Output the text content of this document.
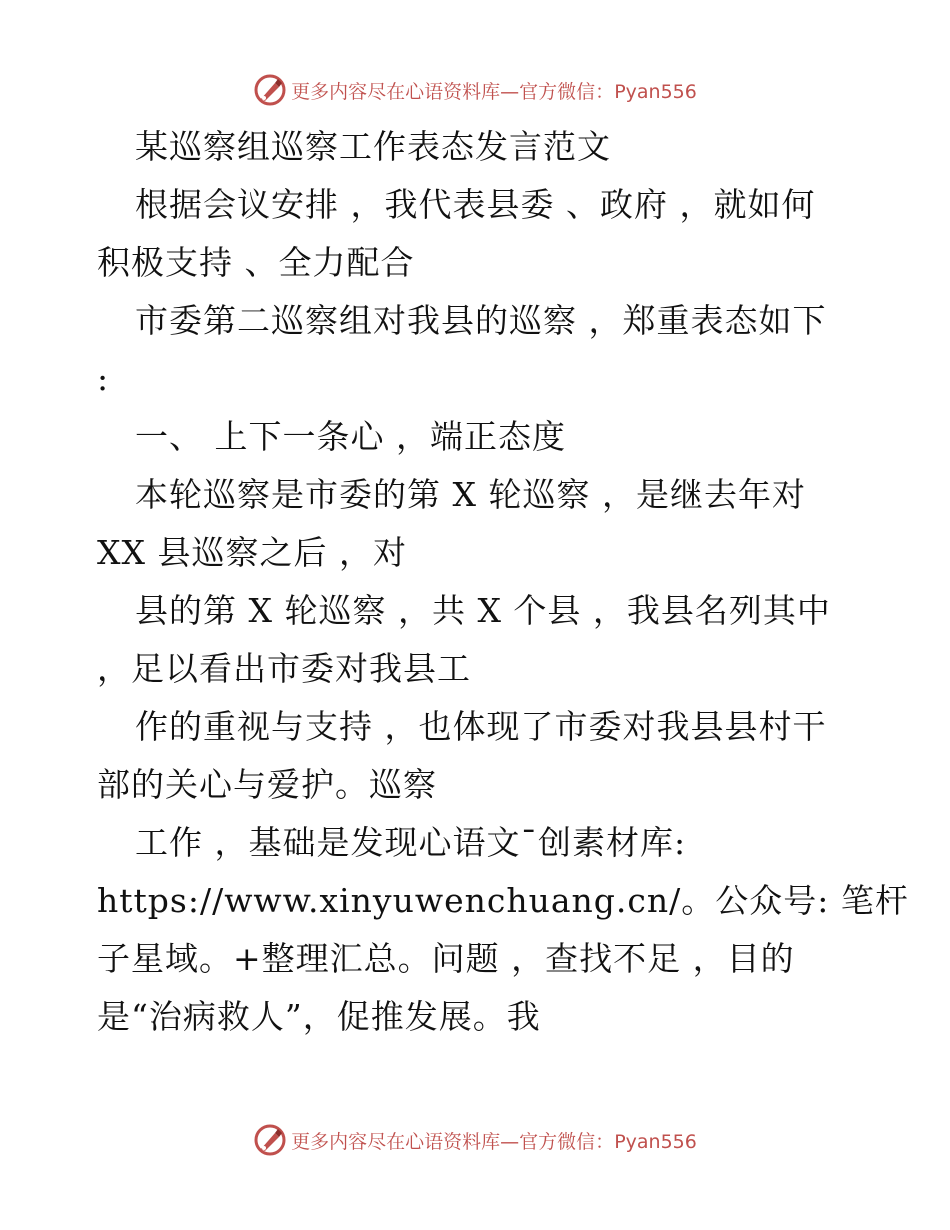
更多内容尽在心语资料库—官方微信：Pyan556
某巡察组巡察工作表态发言范文
根据会议安排 ，我代表县委 、政府 ，就如何
积极支持 、全力配合
市委第二巡察组对我县的巡察 ，郑重表态如下
:
一、 上下一条心 ，端正态度
本轮巡察是市委的第 X 轮巡察 ，是继去年对
XX 县巡察之后 ，对
县的第 X 轮巡察 ，共 X 个县 ，我县名列其中
，足以看出市委对我县工
作的重视与支持 ，也体现了市委对我县县村干
部的关心与爱护。巡察
工作 ，基础是发现心语文¯创素材库:
https://www.xinyuwenchuang.cn/。公众号: 笔杆
子星域。+整理汇总。问题 ，查找不足 ，目的
是“治病救人”，促推发展。我
更多内容尽在心语资料库—官方微信：Pyan556
